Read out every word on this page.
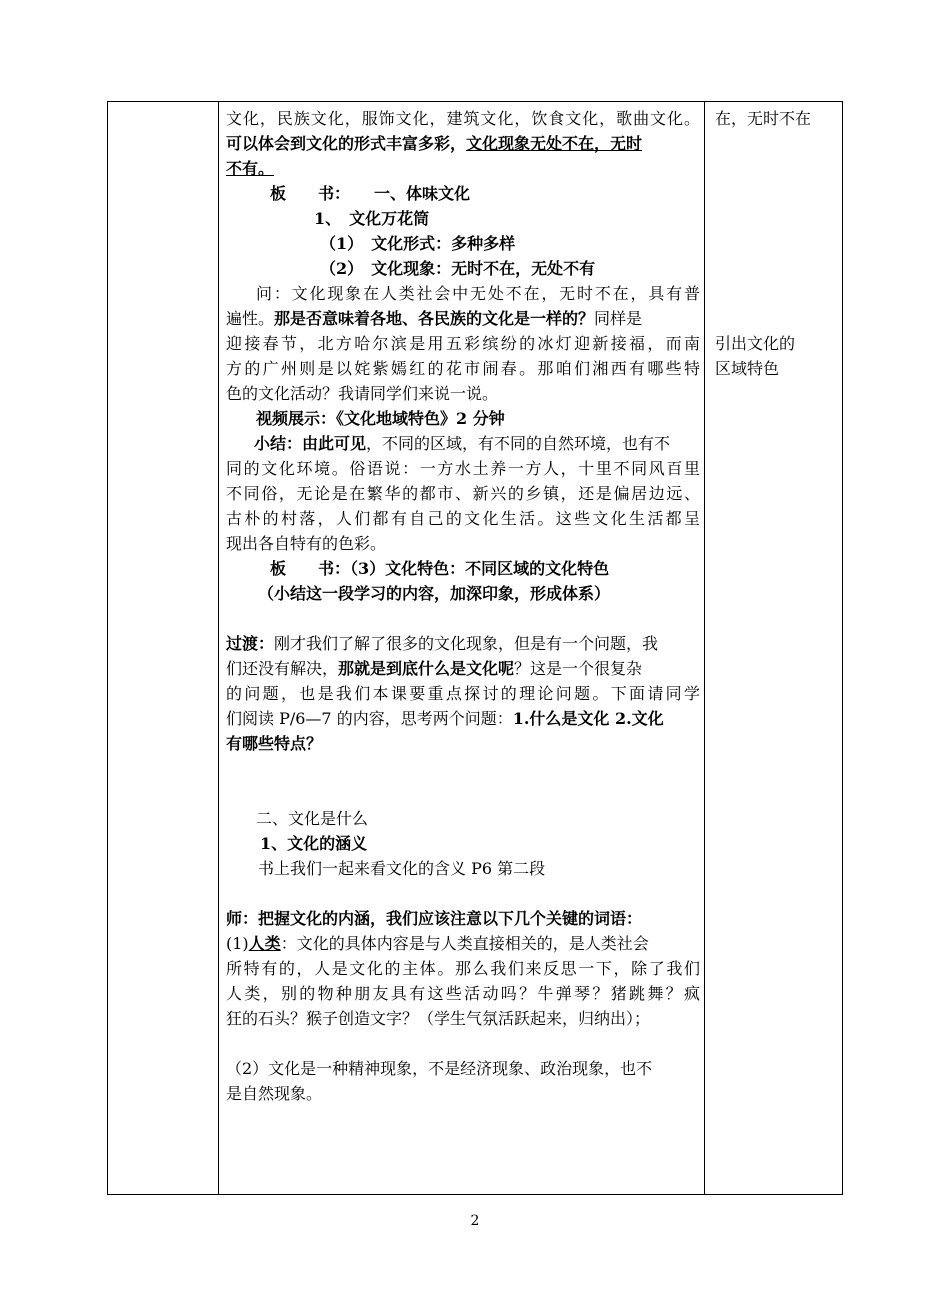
文化，民族文化，服饰文化，建筑文化，饮食文化，歌曲文化。
可以体会到文化的形式丰富多彩，文化现象无处不在，无时
不有。
板　　书：　　 一、体味文化
1、　文化万花筒
（1）　文化形式：多种多样
（2）　文化现象：无时不在，无处不有
问：文化现象在人类社会中无处不在，无时不在，具有普
遍性。那是否意味着各地、各民族的文化是一样的？同样是
迎接春节，北方哈尔滨是用五彩缤纷的冰灯迎新接福，而南
方的广州则是以姹紫嫣红的花市闹春。那咱们湘西有哪些特
色的文化活动？我请同学们来说一说。
视频展示：《文化地域特色》2 分钟
小结：由此可见，不同的区域，有不同的自然环境，也有不
同的文化环境。俗语说：一方水土养一方人，十里不同风百里
不同俗，无论是在繁华的都市、新兴的乡镇，还是偏居边远、
古朴的村落，人们都有自己的文化生活。这些文化生活都呈
现出各自特有的色彩。
板　　书：（3）文化特色：不同区域的文化特色
（小结这一段学习的内容，加深印象，形成体系）
过渡：刚才我们了解了很多的文化现象，但是有一个问题，我
们还没有解决，那就是到底什么是文化呢？这是一个很复杂
的问题，也是我们本课要重点探讨的理论问题。下面请同学
们阅读 P/6—7 的内容，思考两个问题：1.什么是文化 2.文化
有哪些特点？
二、文化是什么
1、文化的涵义
书上我们一起来看文化的含义 P6 第二段
师：把握文化的内涵，我们应该注意以下几个关键的词语：
(1)人类：文化的具体内容是与人类直接相关的，是人类社会
所特有的，人是文化的主体。那么我们来反思一下，除了我们
人类，别的物种朋友具有这些活动吗？牛弹琴？猪跳舞？疯
狂的石头？猴子创造文字？（学生气氛活跃起来，归纳出）；
（2）文化是一种精神现象，不是经济现象、政治现象，也不
是自然现象。
在，无时不在
引出文化的
区域特色
2
